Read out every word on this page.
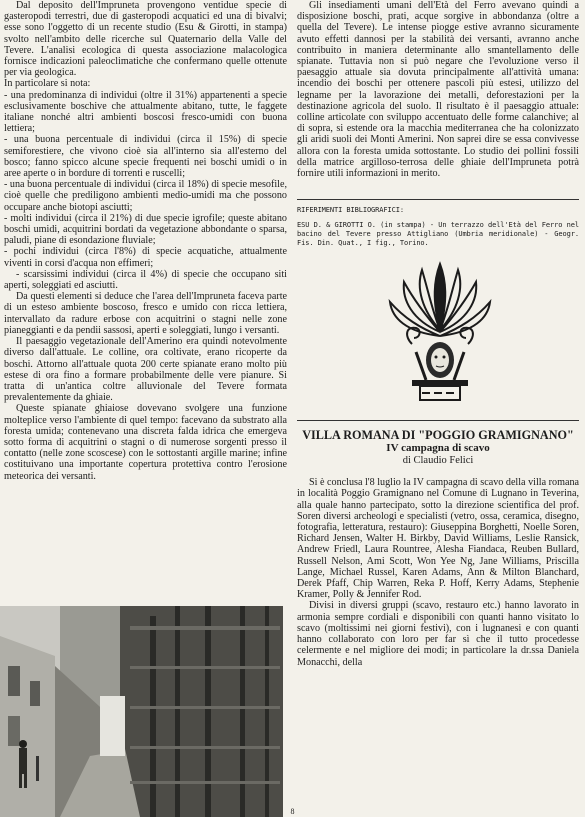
Dal deposito dell'Impruneta provengono ventidue specie di gasteropodi terrestri, due di gasteropodi acquatici ed una di bivalvi; esse sono l'oggetto di un recente studio (Esu & Girotti, in stampa) svolto nell'ambito delle ricerche sul Quaternario della Valle del Tevere. L'analisi ecologica di questa associazione malacologica fornisce indicazioni paleoclimatiche che confermano quelle ottenute per via geologica.

In particolare si nota:

- una predominanza di individui (oltre il 31%) appartenenti a specie esclusivamente boschive che attualmente abitano, tutte, le faggete italiane nonché altri ambienti boscosi fresco-umidi con buona lettiera;

- una buona percentuale di individui (circa il 15%) di specie semiforestiere, che vivono cioè sia all'interno sia all'esterno del bosco; fanno spicco alcune specie frequenti nei boschi umidi o in aree aperte o in bordure di torrenti e ruscelli;

- una buona percentuale di individui (circa il 18%) di specie mesofile, cioè quelle che prediligono ambienti medio-umidi ma che possono occupare anche biotopi asciutti;

- molti individui (circa il 21%) di due specie igrofile; queste abitano boschi umidi, acquitrini bordati da vegetazione abbondante o sparsa, paludi, piane di esondazione fluviale;

- pochi individui (circa l'8%) di specie acquatiche, attualmente viventi in corsi d'acqua non effimeri;

- scarsissimi individui (circa il 4%) di specie che occupano siti aperti, soleggiati ed asciutti.

Da questi elementi si deduce che l'area dell'Impruneta faceva parte di un esteso ambiente boscoso, fresco e umido con ricca lettiera, intervallato da radure erbose con acquitrini o stagni nelle zone pianeggianti e da pendii sassosi, aperti e soleggiati, lungo i versanti.

Il paesaggio vegetazionale dell'Amerino era quindi notevolmente diverso dall'attuale. Le colline, ora coltivate, erano ricoperte da boschi. Attorno all'attuale quota 200 certe spianate erano molto più estese di ora fino a formare probabilmente delle vere pianure. Si tratta di un'antica coltre alluvionale del Tevere formata prevalentemente da ghiaie.

Queste spianate ghiaiose dovevano svolgere una funzione molteplice verso l'ambiente di quel tempo: facevano da substrato alla foresta umida; contenevano una discreta falda idrica che emergeva sotto forma di acquitrini o stagni o di numerose sorgenti presso il contatto (nelle zone scoscese) con le sottostanti argille marine; infine costituivano una importante copertura protettiva contro l'erosione meteorica dei versanti.

Gli insediamenti umani dell'Età del Ferro avevano quindi a disposizione boschi, prati, acque sorgive in abbondanza (oltre a quella del Tevere). Le intense piogge estive avranno sicuramente avuto effetti dannosi per la stabilità dei versanti, avranno anche contribuito in maniera determinante allo smantellamento delle spianate. Tuttavia non si può negare che l'evoluzione verso il paesaggio attuale sia dovuta principalmente all'attività umana: incendio dei boschi per ottenere pascoli più estesi, utilizzo del legname per la lavorazione dei metalli, deforestazioni per la destinazione agricola del suolo. Il risultato è il paesaggio attuale: colline articolate con sviluppo accentuato delle forme calanchive; al di sopra, si estende ora la macchia mediterranea che ha colonizzato gli aridi suoli dei Monti Amerini. Non saprei dire se essa convivesse allora con la foresta umida sottostante. Lo studio dei pollini fossili della matrice argilloso-terrosa delle ghiaie dell'Impruneta potrà fornire utili informazioni in merito.

RIFERIMENTI BIBLIOGRAFICI:

ESU D. & GIROTTI O. (in stampa) - Un terrazzo dell'Età del Ferro nel bacino del Tevere presso Attigliano (Umbria meridionale) - Geogr. Fis. Din. Quat., I fig., Torino.

VILLA ROMANA DI "POGGIO GRAMIGNANO"
IV campagna di scavo
di Claudio Felici

Si è conclusa l'8 luglio la IV campagna di scavo della villa romana in località Poggio Gramignano nel Comune di Lugnano in Teverina, alla quale hanno partecipato, sotto la direzione scientifica del prof. Soren diversi archeologi e specialisti (vetro, ossa, ceramica, disegno, fotografia, letteratura, restauro): Giuseppina Borghetti, Noelle Soren, Richard Jensen, Walter H. Birkby, David Williams, Leslie Ransick, Andrew Friedl, Laura Rountree, Alesha Fiandaca, Reuben Bullard, Russell Nelson, Ami Scott, Won Yee Ng, Jane Williams, Priscilla Lange, Michael Russel, Karen Adams, Ann & Milton Blanchard, Derek Pfaff, Chip Warren, Reka P. Hoff, Kerry Adams, Stephenie Kramer, Polly & Jennifer Rod.

Divisi in diversi gruppi (scavo, restauro etc.) hanno lavorato in armonia sempre cordiali e disponibili con quanti hanno visitato lo scavo (moltissimi nei giorni festivi), con i lugnanesi e con quanti hanno collaborato con loro per far sì che il tutto procedesse celermente e nel migliore dei modi; in particolare la dr.ssa Daniela Monacchi, della

8
